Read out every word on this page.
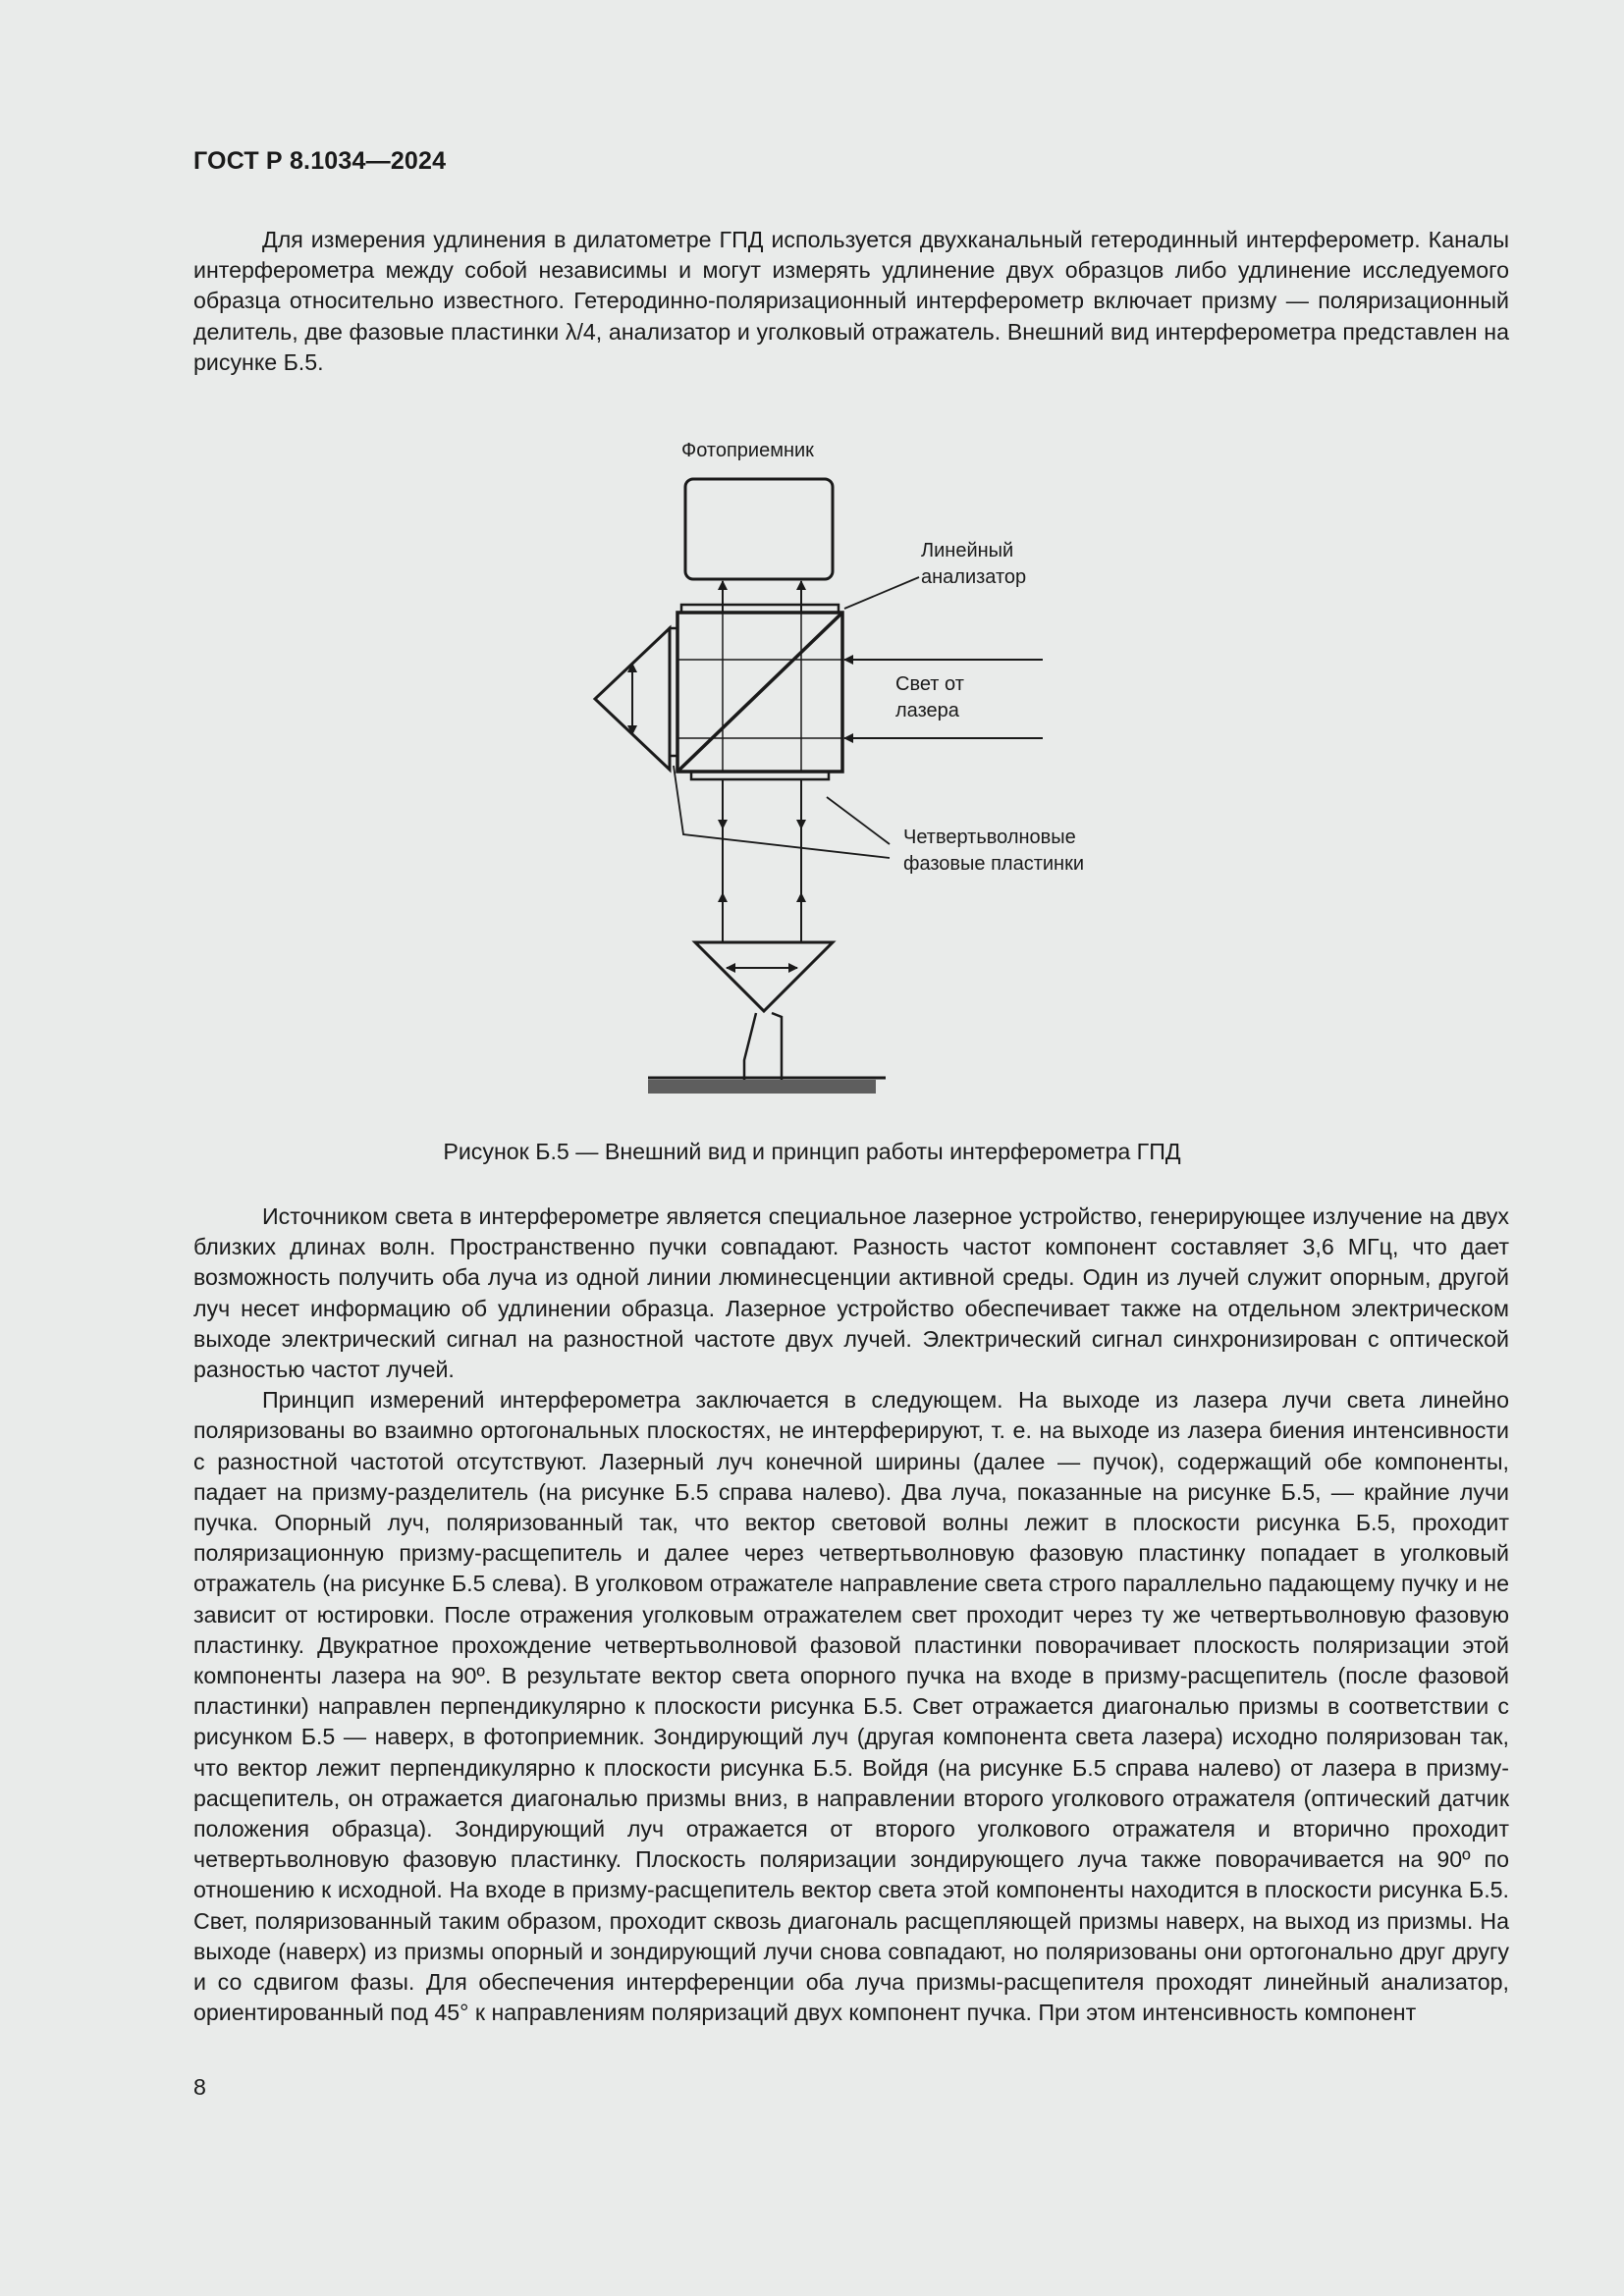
ГОСТ Р 8.1034—2024

Для измерения удлинения в дилатометре ГПД используется двухканальный гетеродинный интерферометр. Каналы интерферометра между собой независимы и могут измерять удлинение двух образцов либо удлинение исследуемого образца относительно известного. Гетеродинно-поляризационный интерферометр включает призму — поляризационный делитель, две фазовые пластинки λ/4, анализатор и уголковый отражатель. Внешний вид интерферометра представлен на рисунке Б.5.

Фотоприемник
Линейный
анализатор
Свет от
лазера
Четвертьволновые
фазовые пластинки
Рисунок Б.5 — Внешний вид и принцип работы интерферометра ГПД

Источником света в интерферометре является специальное лазерное устройство, генерирующее излучение на двух близких длинах волн. Пространственно пучки совпадают. Разность частот компонент составляет 3,6 МГц, что дает возможность получить оба луча из одной линии люминесценции активной среды. Один из лучей служит опорным, другой луч несет информацию об удлинении образца. Лазерное устройство обеспечивает также на отдельном электрическом выходе электрический сигнал на разностной частоте двух лучей. Электрический сигнал синхронизирован с оптической разностью частот лучей.

Принцип измерений интерферометра заключается в следующем. На выходе из лазера лучи света линейно поляризованы во взаимно ортогональных плоскостях, не интерферируют, т. е. на выходе из лазера биения интенсивности с разностной частотой отсутствуют. Лазерный луч конечной ширины (далее — пучок), содержащий обе компоненты, падает на призму-разделитель (на рисунке Б.5 справа налево). Два луча, показанные на рисунке Б.5, — крайние лучи пучка. Опорный луч, поляризованный так, что вектор световой волны лежит в плоскости рисунка Б.5, проходит поляризационную призму-расщепитель и далее через четвертьволновую фазовую пластинку попадает в уголковый отражатель (на рисунке Б.5 слева). В уголковом отражателе направление света строго параллельно падающему пучку и не зависит от юстировки. После отражения уголковым отражателем свет проходит через ту же четвертьволновую фазовую пластинку. Двукратное прохождение четвертьволновой фазовой пластинки поворачивает плоскость поляризации этой компоненты лазера на 90º. В результате вектор света опорного пучка на входе в призму-расщепитель (после фазовой пластинки) направлен перпендикулярно к плоскости рисунка Б.5. Свет отражается диагональю призмы в соответствии с рисунком Б.5 — наверх, в фотоприемник. Зондирующий луч (другая компонента света лазера) исходно поляризован так, что вектор лежит перпендикулярно к плоскости рисунка Б.5. Войдя (на рисунке Б.5 справа налево) от лазера в призму-расщепитель, он отражается диагональю призмы вниз, в направлении второго уголкового отражателя (оптический датчик положения образца). Зондирующий луч отражается от второго уголкового отражателя и вторично проходит четвертьволновую фазовую пластинку. Плоскость поляризации зондирующего луча также поворачивается на 90º по отношению к исходной. На входе в призму-расщепитель вектор света этой компоненты находится в плоскости рисунка Б.5. Свет, поляризованный таким образом, проходит сквозь диагональ расщепляющей призмы наверх, на выход из призмы. На выходе (наверх) из призмы опорный и зондирующий лучи снова совпадают, но поляризованы они ортогонально друг другу и со сдвигом фазы. Для обеспечения интерференции оба луча призмы-расщепителя проходят линейный анализатор, ориентированный под 45° к направлениям поляризаций двух компонент пучка. При этом интенсивность компонент

8
